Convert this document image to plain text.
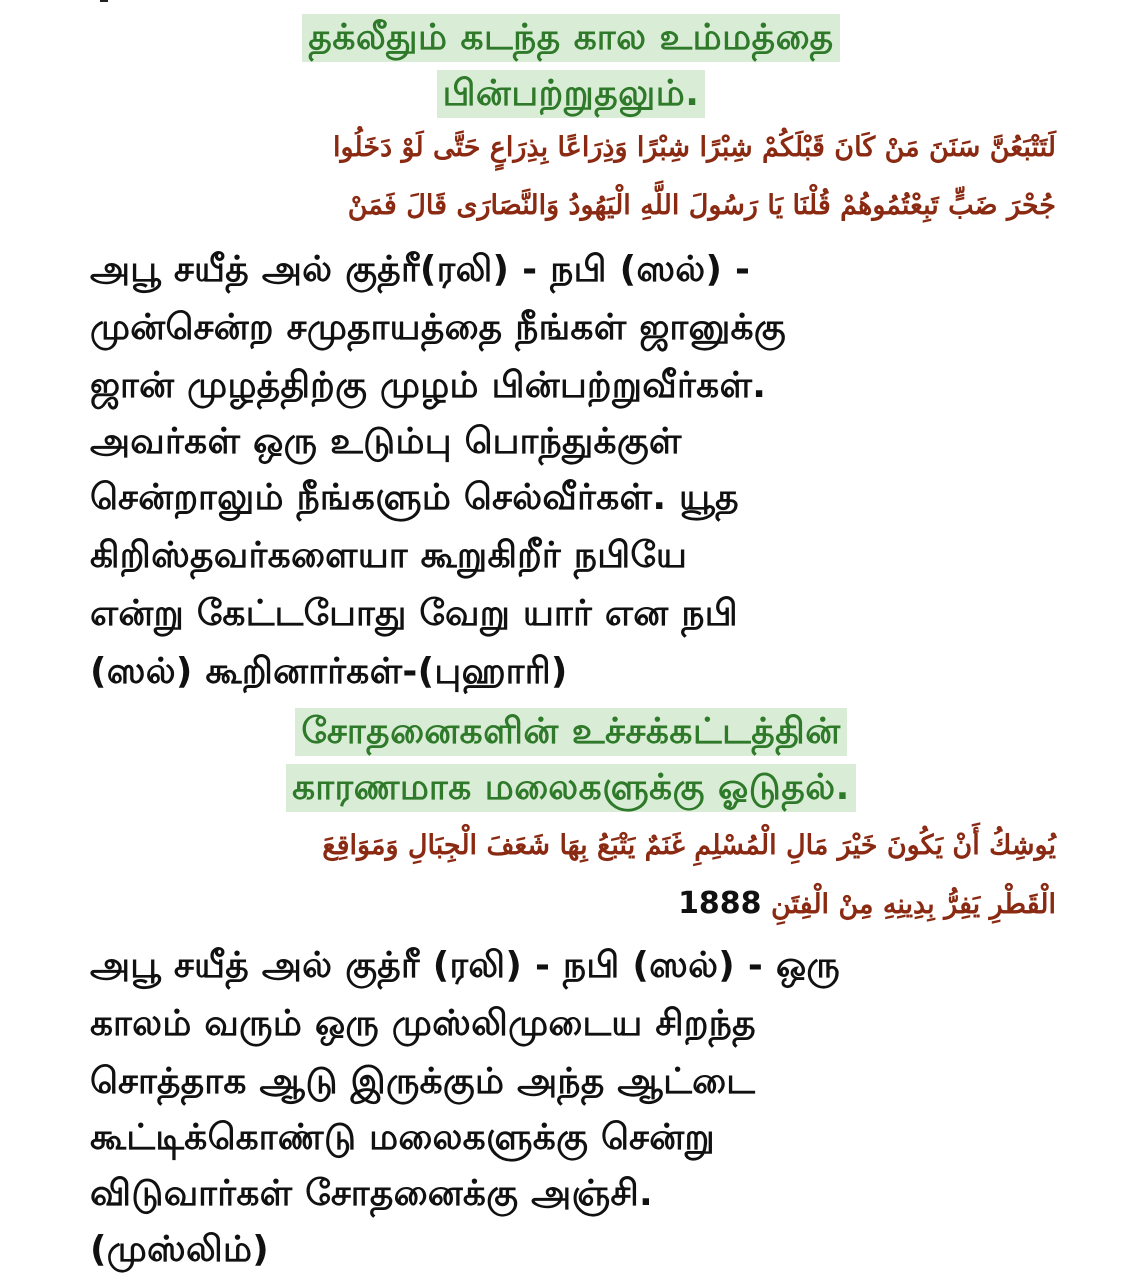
தக்லீதும் கடந்த கால உம்மத்தை
பின்பற்றுதலும்.
لَتَتْبَعُنَّ سَنَنَ مَنْ كَانَ قَبْلَكُمْ شِبْرًا شِبْرًا وَذِرَاعًا بِذِرَاعٍ حَتَّى لَوْ دَخَلُوا
جُحْرَ ضَبٍّ تَبِعْتُمُوهُمْ قُلْنَا يَا رَسُولَ اللَّهِ الْيَهُودُ وَالنَّصَارَى قَالَ فَمَنْ
அபூ சயீத் அல் குத்ரீ(ரலி) - நபி (ஸல்) -
முன்சென்ற சமுதாயத்தை நீங்கள் ஜானுக்கு
ஜான் முழத்திற்கு முழம் பின்பற்றுவீர்கள்.
அவர்கள் ஒரு உடும்பு பொந்துக்குள்
சென்றாலும் நீங்களும் செல்வீர்கள். யூத
கிறிஸ்தவர்களையா கூறுகிறீர் நபியே
என்று கேட்டபோது வேறு யார் என நபி
(ஸல்) கூறினார்கள்-(புஹாரி)
சோதனைகளின் உச்சக்கட்டத்தின்
காரணமாக மலைகளுக்கு ஓடுதல்.
يُوشِكُ أَنْ يَكُونَ خَيْرَ مَالِ الْمُسْلِمِ غَنَمٌ يَتْبَعُ بِهَا شَعَفَ الْجِبَالِ وَمَوَاقِعَ
الْقَطْرِ يَفِرُّ بِدِينِهِ مِنْ الْفِتَنِ 1888
அபூ சயீத் அல் குத்ரீ (ரலி) - நபி (ஸல்) - ஒரு
காலம் வரும் ஒரு முஸ்லிமுடைய சிறந்த
சொத்தாக ஆடு இருக்கும் அந்த ஆட்டை
கூட்டிக்கொண்டு மலைகளுக்கு சென்று
விடுவார்கள் சோதனைக்கு அஞ்சி.
(முஸ்லிம்)
